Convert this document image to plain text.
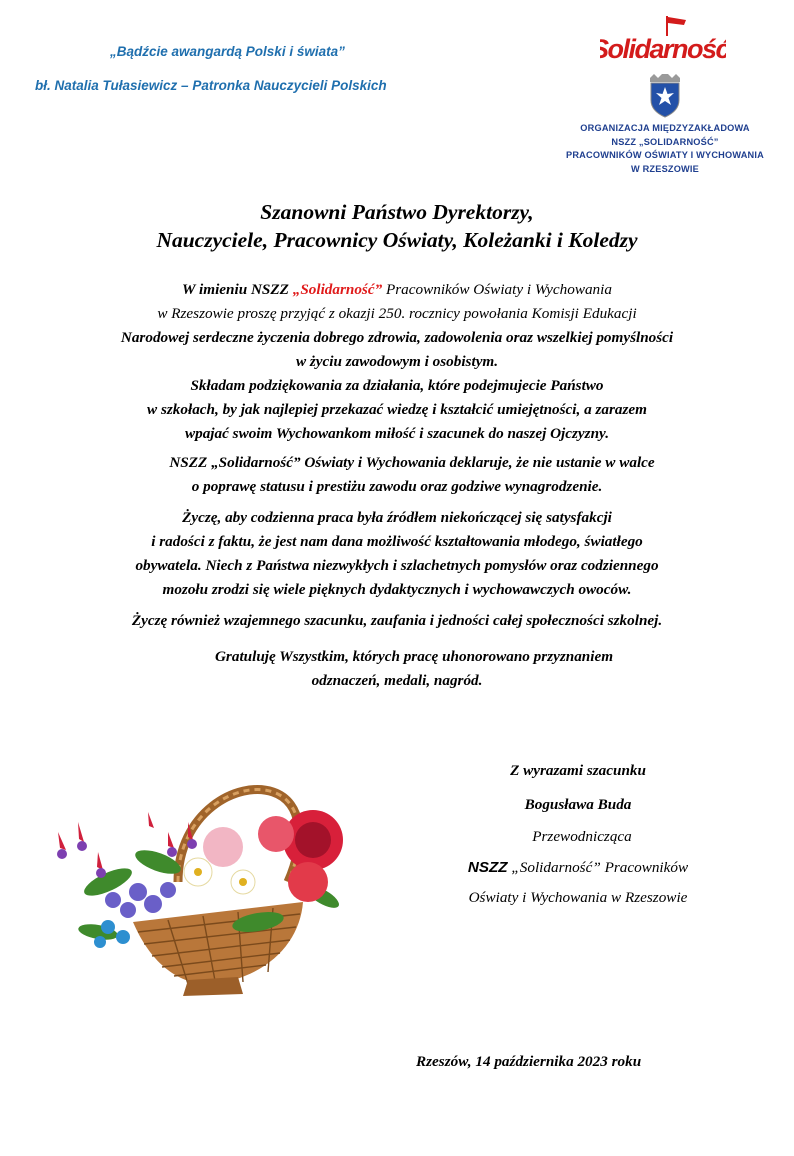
„Bądźcie awangardą Polski i świata”
bł. Natalia Tułasiewicz – Patronka Nauczycieli Polskich
Solidarność
ORGANIZACJA MIĘDZYZAKŁADOWA
NSZZ „SOLIDARNOŚĆ”
PRACOWNIKÓW OŚWIATY I WYCHOWANIA
W RZESZOWIE
Szanowni Państwo Dyrektorzy,
Nauczyciele, Pracownicy Oświaty, Koleżanki i Koledzy
W imieniu NSZZ „Solidarność” Pracowników Oświaty i Wychowania
w Rzeszowie proszę przyjąć z okazji 250. rocznicy powołania Komisji Edukacji
Narodowej serdeczne życzenia dobrego zdrowia, zadowolenia oraz wszelkiej pomyślności
w życiu zawodowym i osobistym.
Składam podziękowania za działania, które podejmujecie Państwo
w szkołach, by jak najlepiej przekazać wiedzę i kształcić umiejętności, a zarazem
wpajać swoim Wychowankom miłość i szacunek do naszej Ojczyzny.
NSZZ „Solidarność” Oświaty i Wychowania deklaruje, że nie ustanie w walce
o poprawę statusu i prestiżu zawodu oraz godziwe wynagrodzenie.
Życzę, aby codzienna praca była źródłem niekończącej się satysfakcji
i radości z faktu, że jest nam dana możliwość kształtowania młodego, światłego
obywatela. Niech z Państwa niezwykłych i szlachetnych pomysłów oraz codziennego
mozołu zrodzi się wiele pięknych dydaktycznych i wychowawczych owoców.
Życzę również wzajemnego szacunku, zaufania i jedności całej społeczności szkolnej.
Gratuluję Wszystkim, których pracę uhonorowano przyznaniem
odznaczeń, medali, nagród.
Z wyrazami szacunku
Bogusława Buda
Przewodnicząca
NSZZ „Solidarność” Pracowników
Oświaty i Wychowania w Rzeszowie
Rzeszów, 14 października 2023 roku
